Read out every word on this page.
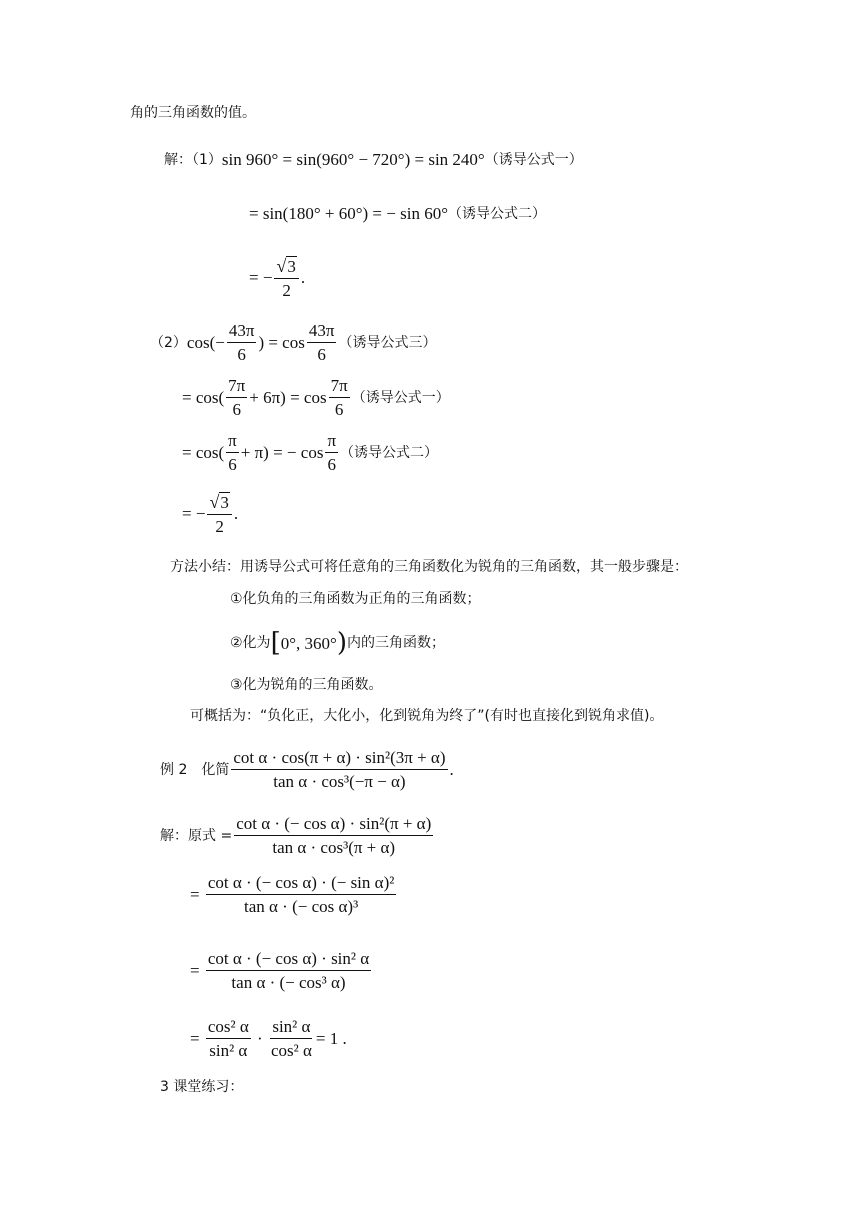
角的三角函数的值。
解：（1） sin 960° = sin(960° − 720°) = sin 240° （诱导公式一）
= sin(180° + 60°) = − sin 60° （诱导公式二）
= − $\frac{√ 3}{2}$ .
（2） $\cos(- \frac{43\pi}{6}$ ) = $\cos \frac{43\pi}{6}$ （诱导公式三）
= $\cos( \frac{7\pi}{6} + 6\pi) = \cos \frac{7\pi}{6}$ （诱导公式一）
= $\cos( \frac{\pi}{6} + \pi)$ = − $\cos \frac{\pi}{6}$ （诱导公式二）
= − $\frac{√ 3}{2}$ .
方法小结：用诱导公式可将任意角的三角函数化为锐角的三角函数，其一般步骤是：
①化负角的三角函数为正角的三角函数；
②化为 [ 0°, 360° ) 内的三角函数；
③化为锐角的三角函数。
可概括为：“负化正，大化小，化到锐角为终了”(有时也直接化到锐角求值)。
例 2　化简 $\frac{\text{cot α · cos(π + α) · sin²(3π + α)}}{\text{tan α · cos³(−π − α)}}$ .
解：原式 = $\frac{\text{cot α · (− cos α) · sin²(π + α)}}{\text{tan α · cos³(π + α)}}$
= $\frac{\text{cot α · (− cos α) · (− sin α)²}}{\text{tan α · (− cos α)³}}$
= $\frac{\text{cot α · (− cos α) · sin² α}}{\text{tan α · (− cos³ α)}}$
= $\frac{\text{cos² α}}{\text{sin² α}} \cdot \frac{\text{sin² α}}{\text{cos² α}} = 1$ .
3 课堂练习：
